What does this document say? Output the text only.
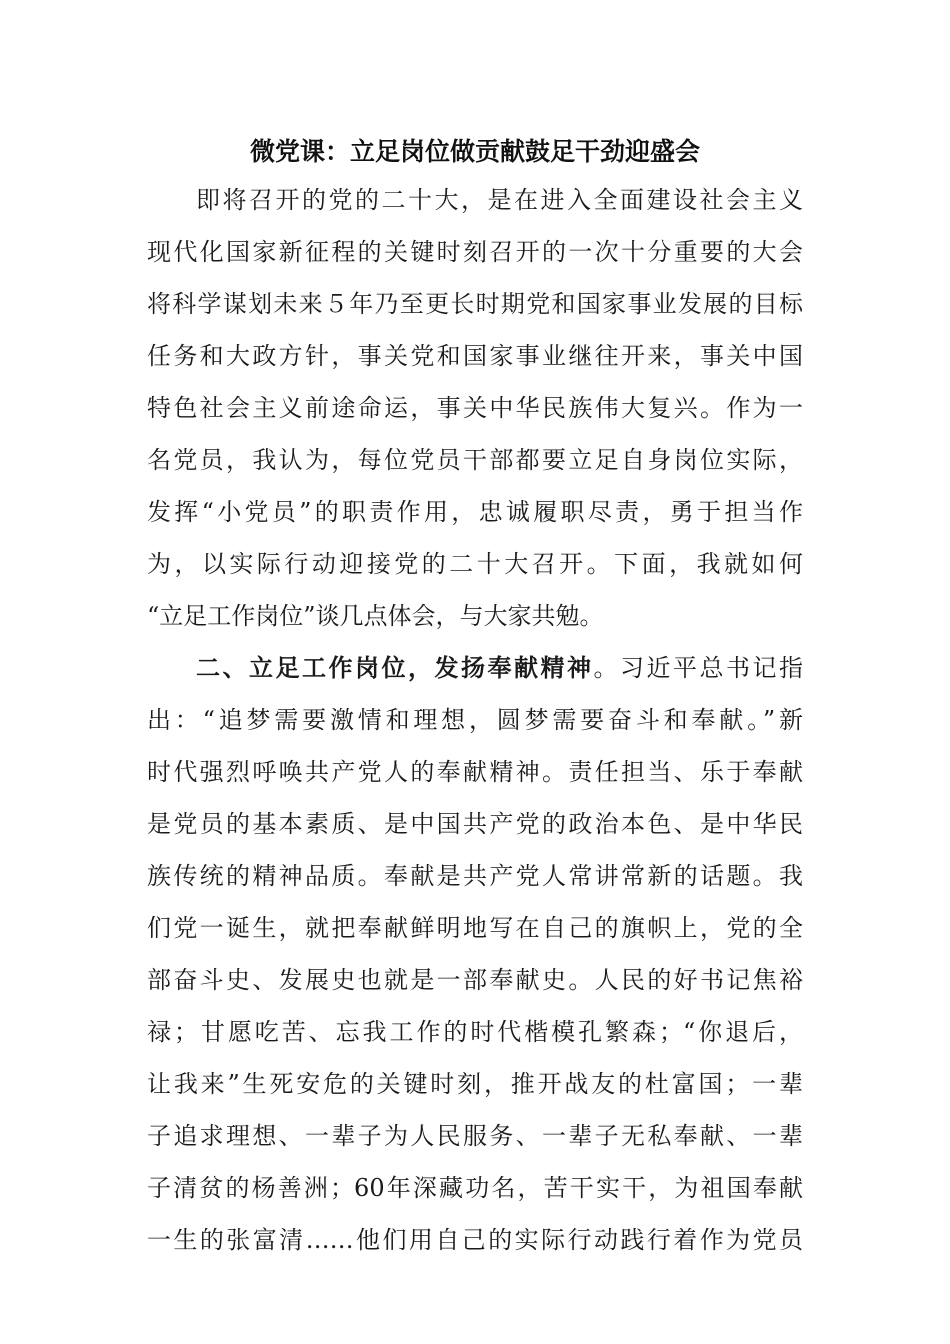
微党课：立足岗位做贡献鼓足干劲迎盛会
即将召开的党的二十大，是在进入全面建设社会主义
现代化国家新征程的关键时刻召开的一次十分重要的大会
将科学谋划未来５年乃至更长时期党和国家事业发展的目标
任务和大政方针，事关党和国家事业继往开来，事关中国
特色社会主义前途命运，事关中华民族伟大复兴。作为一
名党员，我认为，每位党员干部都要立足自身岗位实际，
发挥“小党员”的职责作用，忠诚履职尽责，勇于担当作
为，以实际行动迎接党的二十大召开。下面，我就如何
“立足工作岗位”谈几点体会，与大家共勉。
二、立足工作岗位，发扬奉献精神。习近平总书记指
出：“追梦需要激情和理想，圆梦需要奋斗和奉献。”新
时代强烈呼唤共产党人的奉献精神。责任担当、乐于奉献
是党员的基本素质、是中国共产党的政治本色、是中华民
族传统的精神品质。奉献是共产党人常讲常新的话题。我
们党一诞生，就把奉献鲜明地写在自己的旗帜上，党的全
部奋斗史、发展史也就是一部奉献史。人民的好书记焦裕
禄；甘愿吃苦、忘我工作的时代楷模孔繁森；“你退后，
让我来”生死安危的关键时刻，推开战友的杜富国；一辈
子追求理想、一辈子为人民服务、一辈子无私奉献、一辈
子清贫的杨善洲；60年深藏功名，苦干实干，为祖国奉献
一生的张富清……他们用自己的实际行动践行着作为党员
